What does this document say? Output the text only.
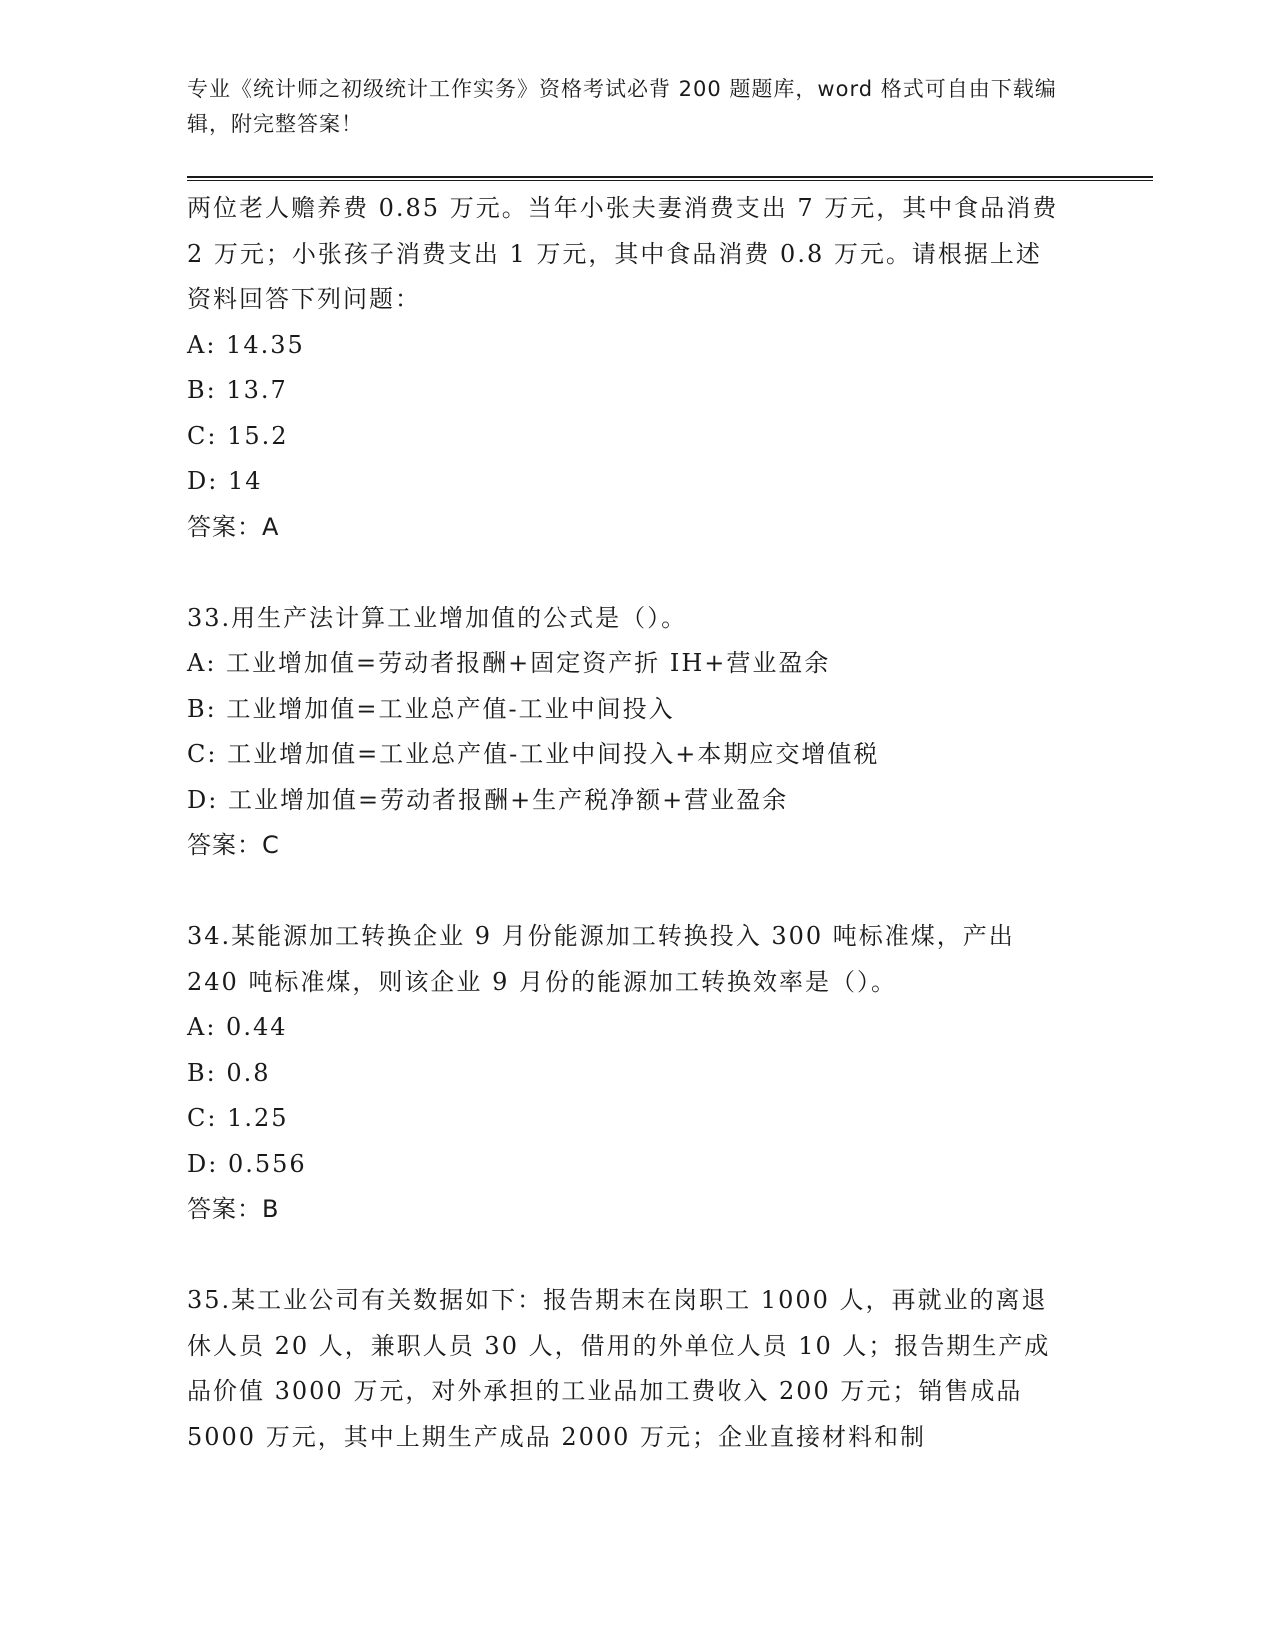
专业《统计师之初级统计工作实务》资格考试必背 200 题题库，word 格式可自由下载编辑，附完整答案！

两位老人赡养费 0.85 万元。当年小张夫妻消费支出 7 万元，其中食品消费 2 万元；小张孩子消费支出 1 万元，其中食品消费 0.8 万元。请根据上述资料回答下列问题：

A: 14.35

B: 13.7

C: 15.2

D: 14

答案：A

33.用生产法计算工业增加值的公式是（）。

A: 工业增加值=劳动者报酬+固定资产折 IH+营业盈余

B: 工业增加值=工业总产值-工业中间投入

C: 工业增加值=工业总产值-工业中间投入+本期应交增值税

D: 工业增加值=劳动者报酬+生产税净额+营业盈余

答案：C

34.某能源加工转换企业 9 月份能源加工转换投入 300 吨标准煤，产出 240 吨标准煤，则该企业 9 月份的能源加工转换效率是（）。

A: 0.44

B: 0.8

C: 1.25

D: 0.556

答案：B

35.某工业公司有关数据如下：报告期末在岗职工 1000 人，再就业的离退休人员 20 人，兼职人员 30 人，借用的外单位人员 10 人；报告期生产成品价值 3000 万元，对外承担的工业品加工费收入 200 万元；销售成品 5000 万元，其中上期生产成品 2000 万元；企业直接材料和制
